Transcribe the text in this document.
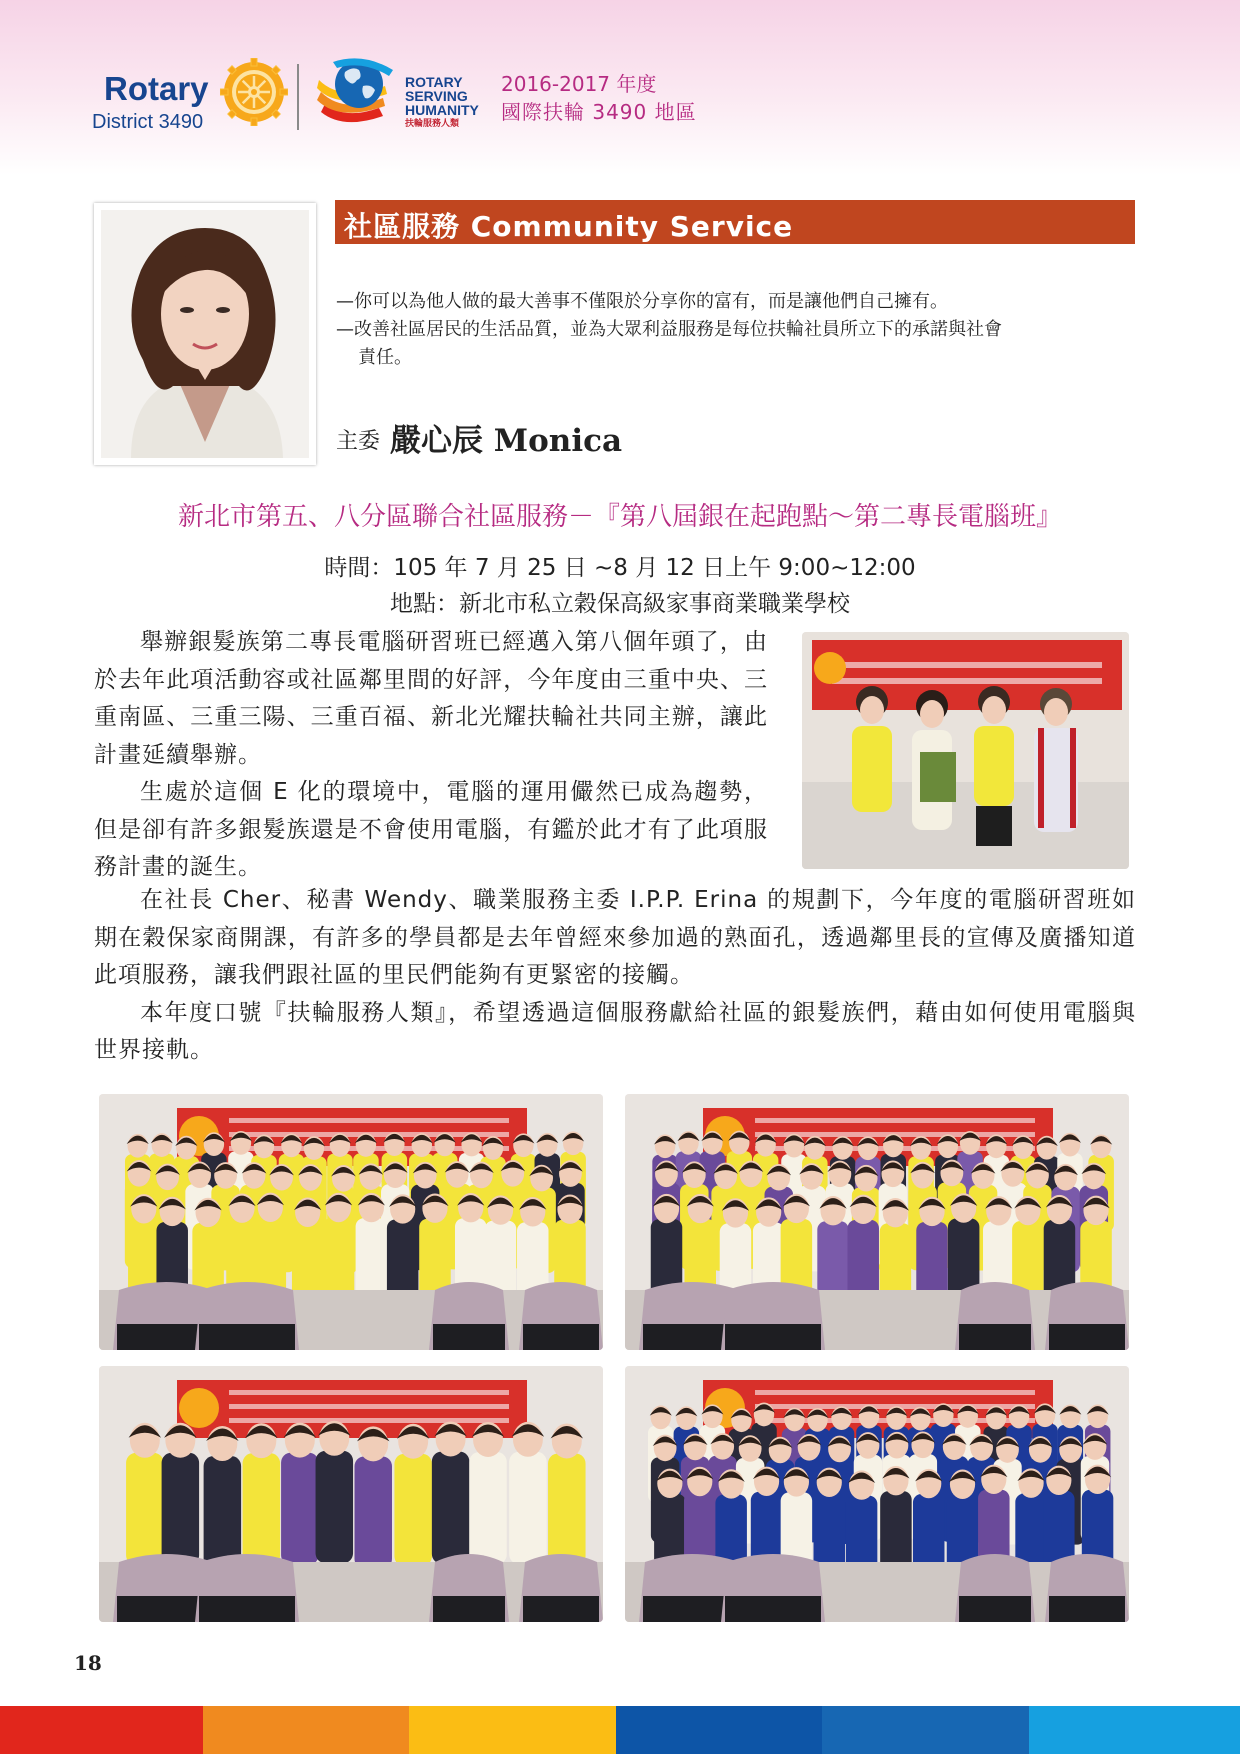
Rotary
District 3490
ROTARY
SERVING
HUMANITY
扶輪服務人類
2016-2017 年度
國際扶輪 3490 地區
社區服務 Community Service
—你可以為他人做的最大善事不僅限於分享你的富有，而是讓他們自己擁有。
—改善社區居民的生活品質，並為大眾利益服務是每位扶輪社員所立下的承諾與社會
責任。
主委 嚴心辰 Monica
新北市第五、八分區聯合社區服務－『第八屆銀在起跑點～第二專長電腦班』
時間：105 年 7 月 25 日 ~8 月 12 日上午 9:00~12:00
地點：新北市私立穀保高級家事商業職業學校

舉辦銀髮族第二專長電腦研習班已經邁入第八個年頭了，由於去年此項活動容或社區鄰里間的好評，今年度由三重中央、三重南區、三重三陽、三重百福、新北光耀扶輪社共同主辦，讓此計畫延續舉辦。

生處於這個 E 化的環境中，電腦的運用儼然已成為趨勢，但是卻有許多銀髮族還是不會使用電腦，有鑑於此才有了此項服務計畫的誕生。

在社長 Cher、秘書 Wendy、職業服務主委 I.P.P. Erina 的規劃下，今年度的電腦研習班如期在穀保家商開課，有許多的學員都是去年曾經來參加過的熟面孔，透過鄰里長的宣傳及廣播知道此項服務，讓我們跟社區的里民們能夠有更緊密的接觸。

本年度口號『扶輪服務人類』，希望透過這個服務獻給社區的銀髮族們，藉由如何使用電腦與世界接軌。

18
